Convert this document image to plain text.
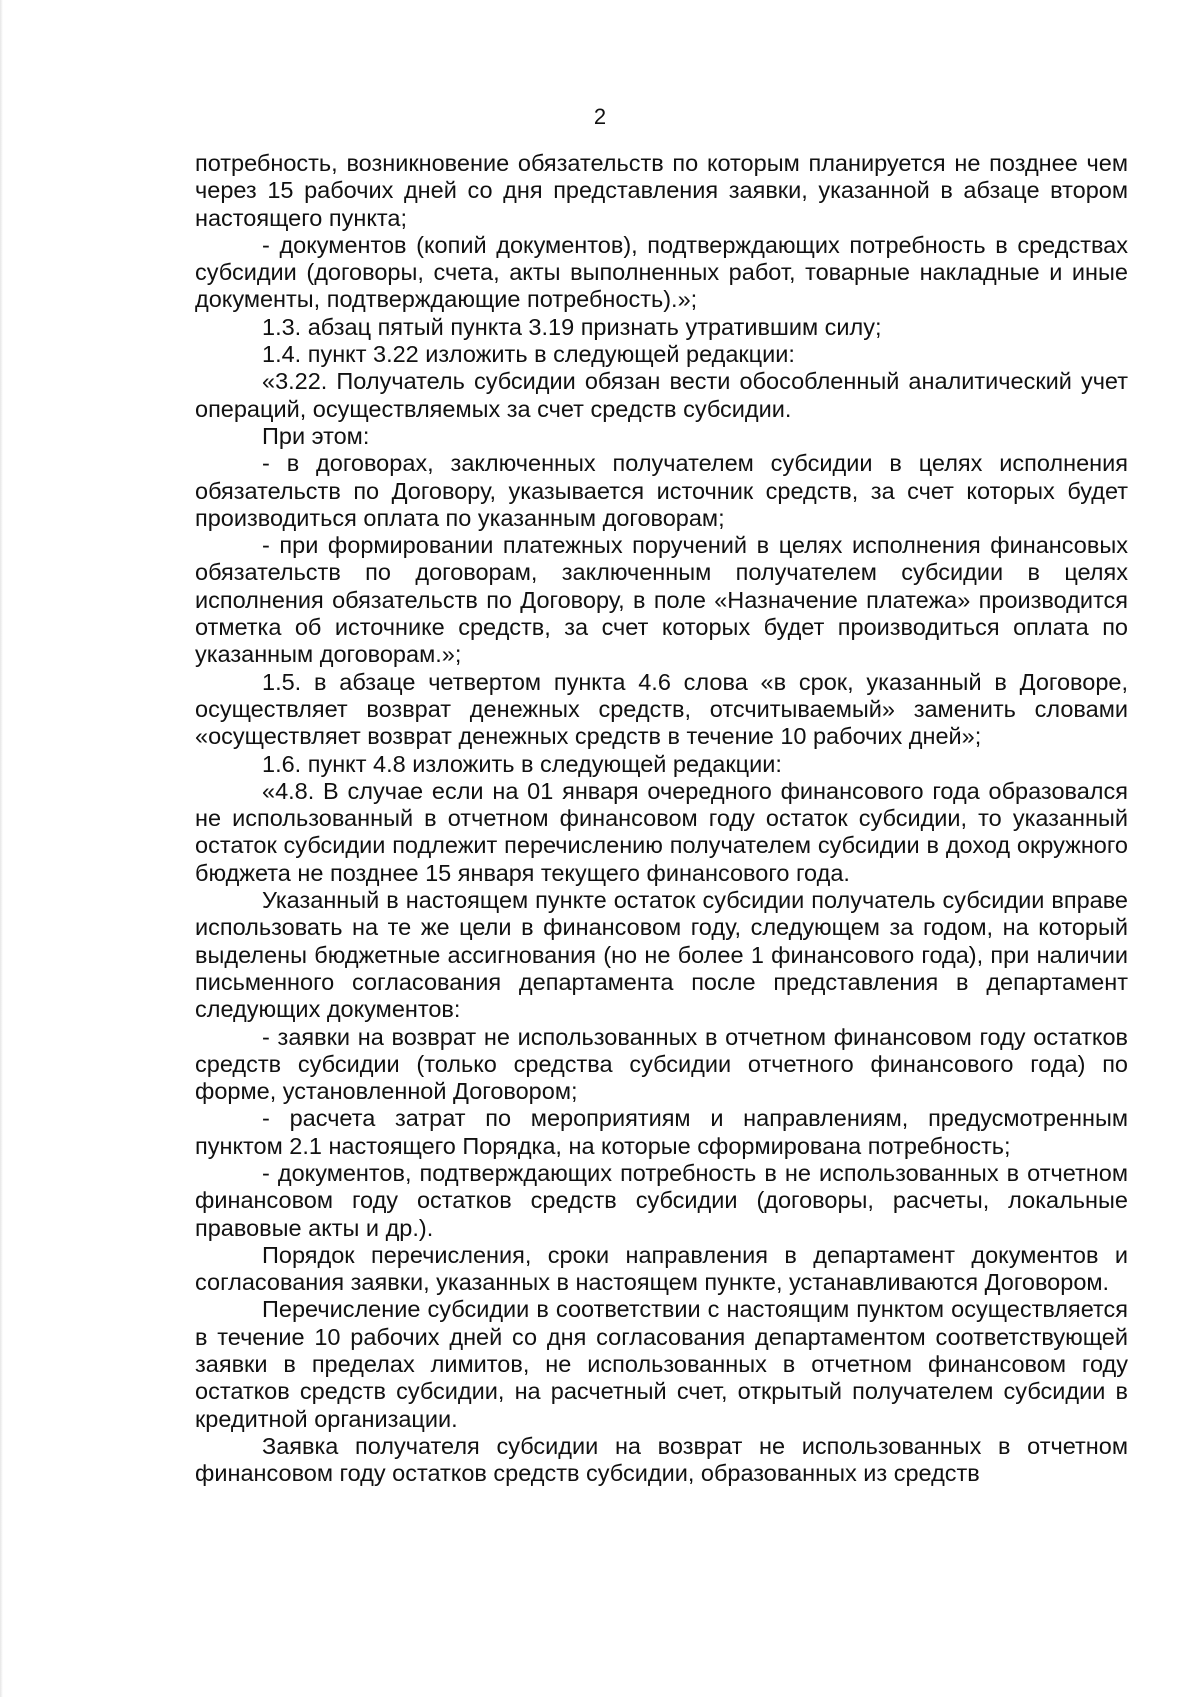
2

потребность, возникновение обязательств по которым планируется не позднее чем через 15 рабочих дней со дня представления заявки, указанной в абзаце втором настоящего пункта;

- документов (копий документов), подтверждающих потребность в средствах субсидии (договоры, счета, акты выполненных работ, товарные накладные и иные документы, подтверждающие потребность).»;

1.3. абзац пятый пункта 3.19 признать утратившим силу;

1.4. пункт 3.22 изложить в следующей редакции:

«3.22. Получатель субсидии обязан вести обособленный аналитический учет операций, осуществляемых за счет средств субсидии.

При этом:

- в договорах, заключенных получателем субсидии в целях исполнения обязательств по Договору, указывается источник средств, за счет которых будет производиться оплата по указанным договорам;

- при формировании платежных поручений в целях исполнения финансовых обязательств по договорам, заключенным получателем субсидии в целях исполнения обязательств по Договору, в поле «Назначение платежа» производится отметка об источнике средств, за счет которых будет производиться оплата по указанным договорам.»;

1.5. в абзаце четвертом пункта 4.6 слова «в срок, указанный в Договоре, осуществляет возврат денежных средств, отсчитываемый» заменить словами «осуществляет возврат денежных средств в течение 10 рабочих дней»;

1.6. пункт 4.8 изложить в следующей редакции:

«4.8. В случае если на 01 января очередного финансового года образовался не использованный в отчетном финансовом году остаток субсидии, то указанный остаток субсидии подлежит перечислению получателем субсидии в доход окружного бюджета не позднее 15 января текущего финансового года.

Указанный в настоящем пункте остаток субсидии получатель субсидии вправе использовать на те же цели в финансовом году, следующем за годом, на который выделены бюджетные ассигнования (но не более 1 финансового года), при наличии письменного согласования департамента после представления в департамент следующих документов:

- заявки на возврат не использованных в отчетном финансовом году остатков средств субсидии (только средства субсидии отчетного финансового года) по форме, установленной Договором;

- расчета затрат по мероприятиям и направлениям, предусмотренным пунктом 2.1 настоящего Порядка, на которые сформирована потребность;

- документов, подтверждающих потребность в не использованных в отчетном финансовом году остатков средств субсидии (договоры, расчеты, локальные правовые акты и др.).

Порядок перечисления, сроки направления в департамент документов и согласования заявки, указанных в настоящем пункте, устанавливаются Договором.

Перечисление субсидии в соответствии с настоящим пунктом осуществляется в течение 10 рабочих дней со дня согласования департаментом соответствующей заявки в пределах лимитов, не использованных в отчетном финансовом году остатков средств субсидии, на расчетный счет, открытый получателем субсидии в кредитной организации.

Заявка получателя субсидии на возврат не использованных в отчетном финансовом году остатков средств субсидии, образованных из средств
